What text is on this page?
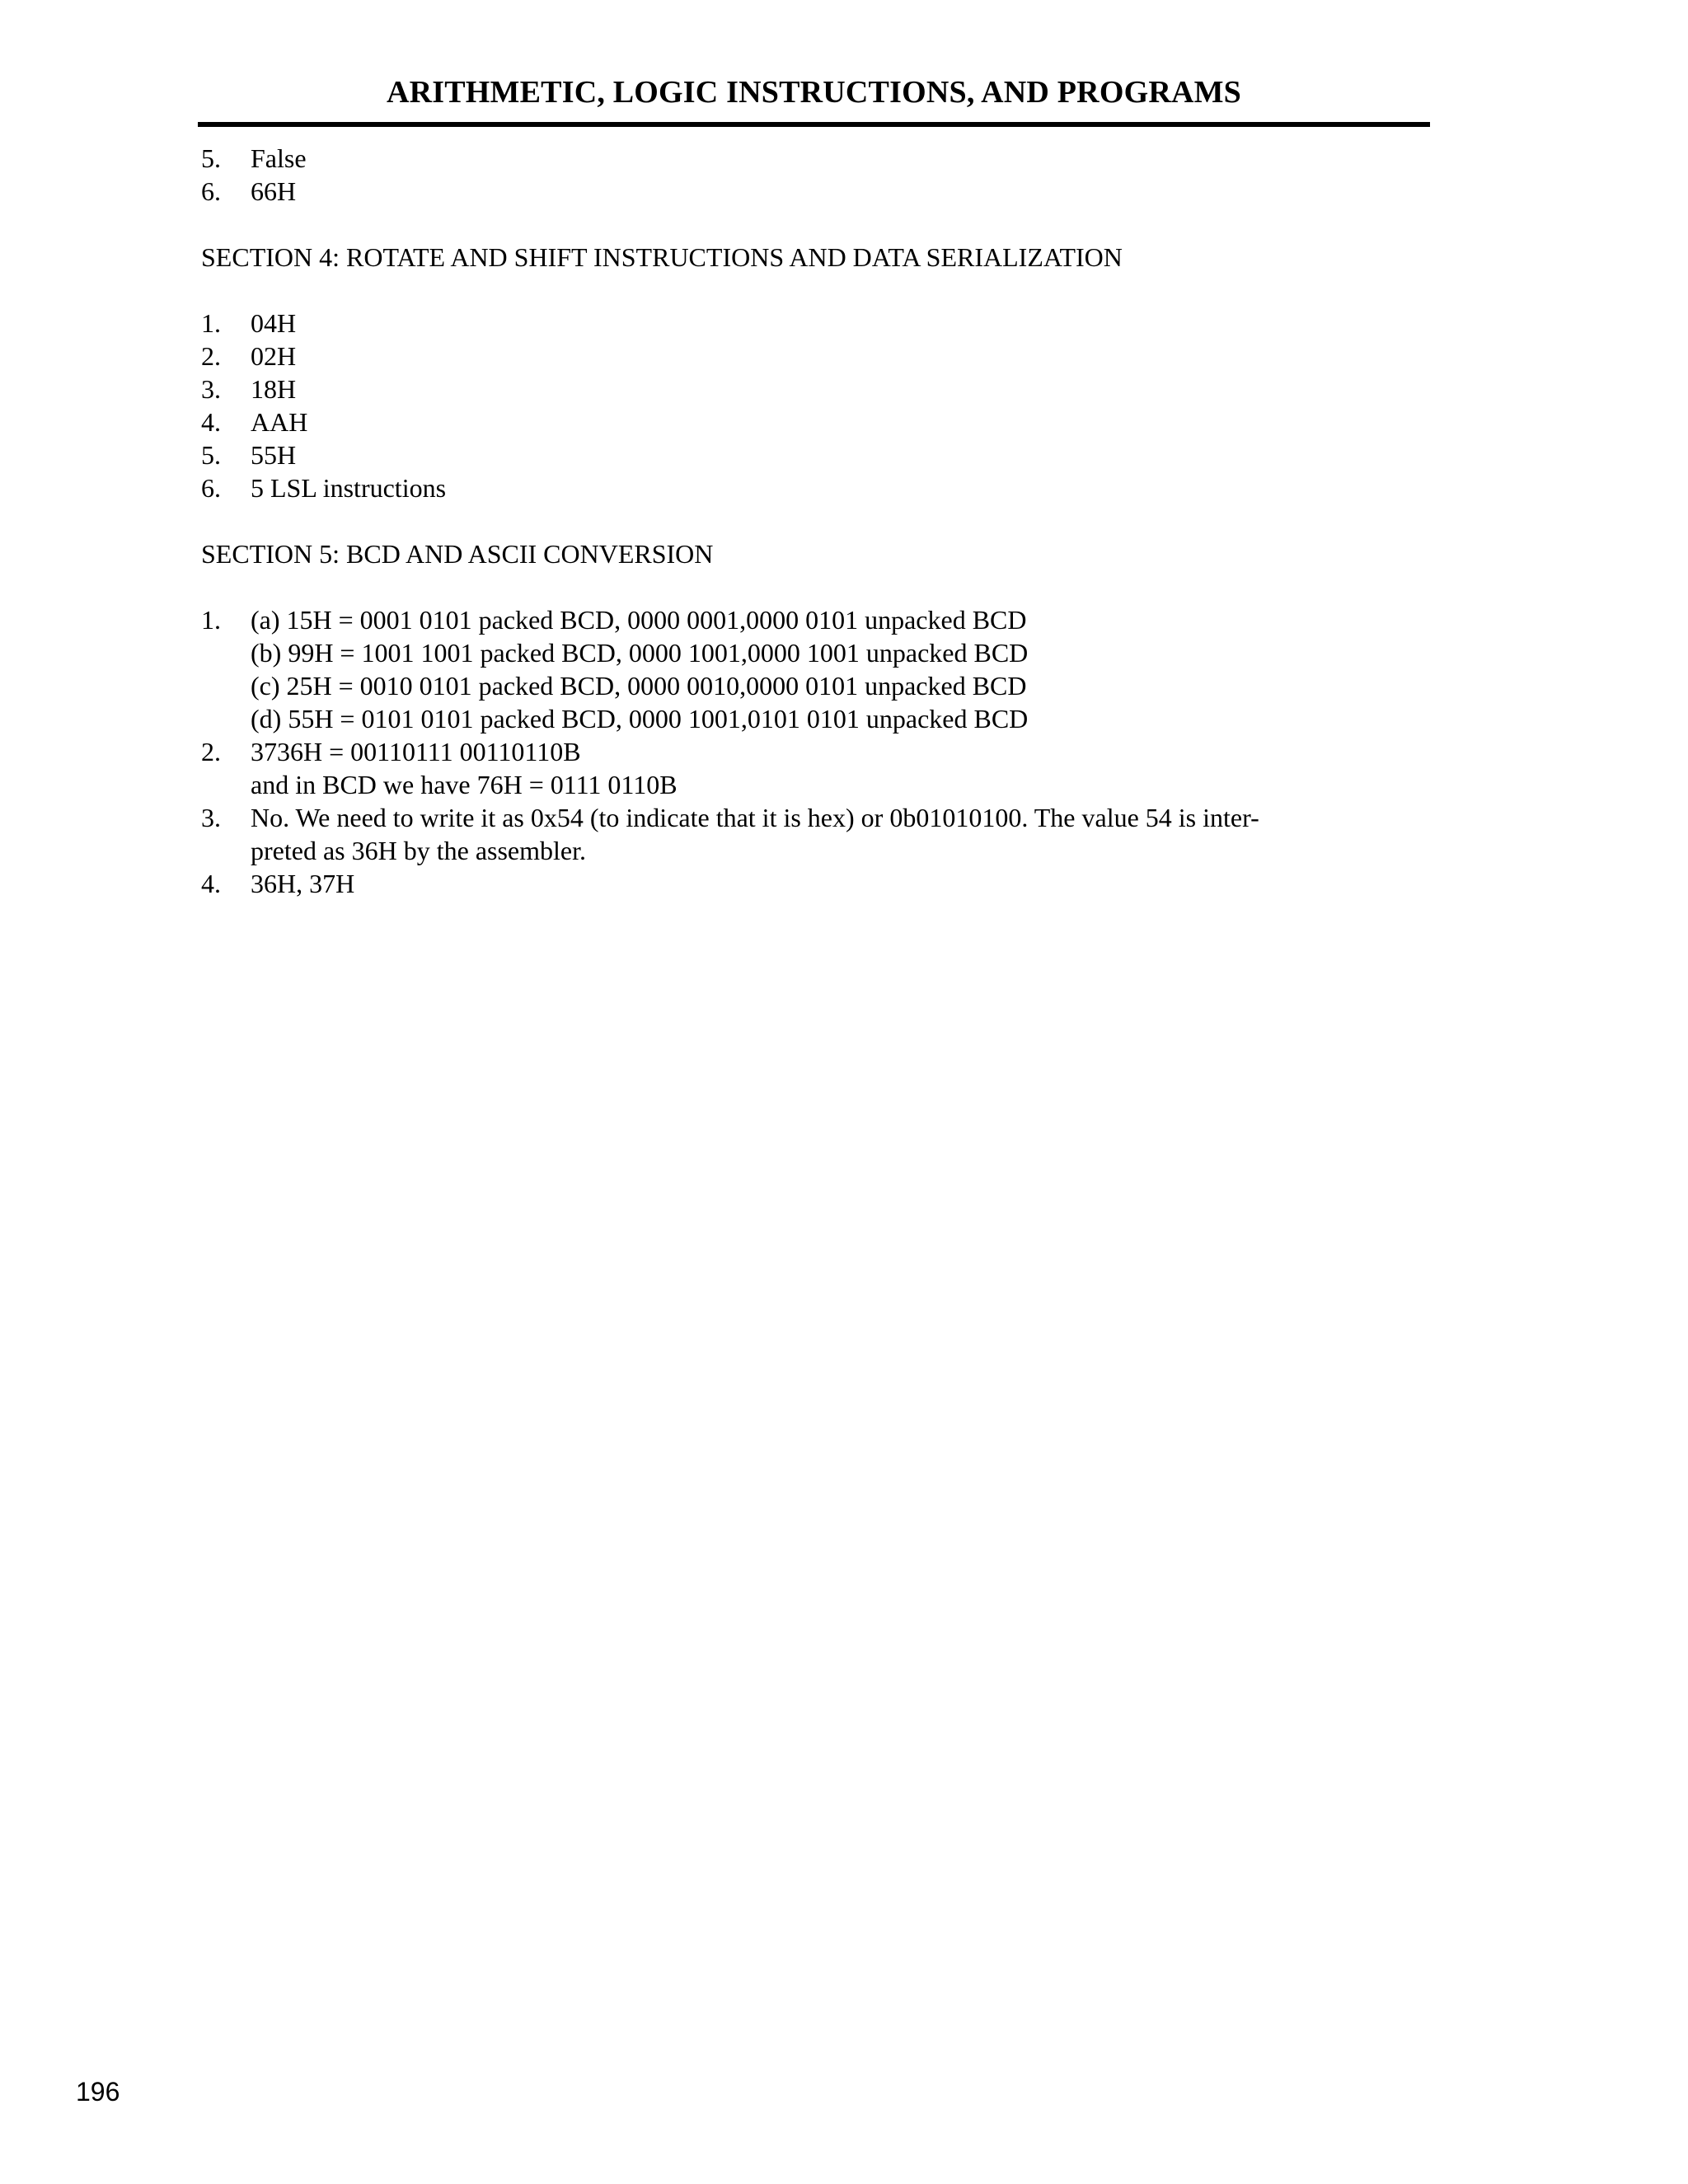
ARITHMETIC, LOGIC INSTRUCTIONS, AND PROGRAMS
5. False
6. 66H
SECTION 4: ROTATE AND SHIFT INSTRUCTIONS AND DATA SERIALIZATION
1. 04H
2. 02H
3. 18H
4. AAH
5. 55H
6. 5 LSL instructions
SECTION 5: BCD AND ASCII CONVERSION
1. (a) 15H = 0001 0101 packed BCD, 0000 0001,0000 0101 unpacked BCD
(b) 99H = 1001 1001 packed BCD, 0000 1001,0000 1001 unpacked BCD
(c) 25H = 0010 0101 packed BCD, 0000 0010,0000 0101 unpacked BCD
(d) 55H = 0101 0101 packed BCD, 0000 1001,0101 0101 unpacked BCD
2. 3736H = 00110111 00110110B
and in BCD we have 76H = 0111 0110B
3. No. We need to write it as 0x54 (to indicate that it is hex) or 0b01010100. The value 54 is inter-
preted as 36H by the assembler.
4. 36H, 37H
196
